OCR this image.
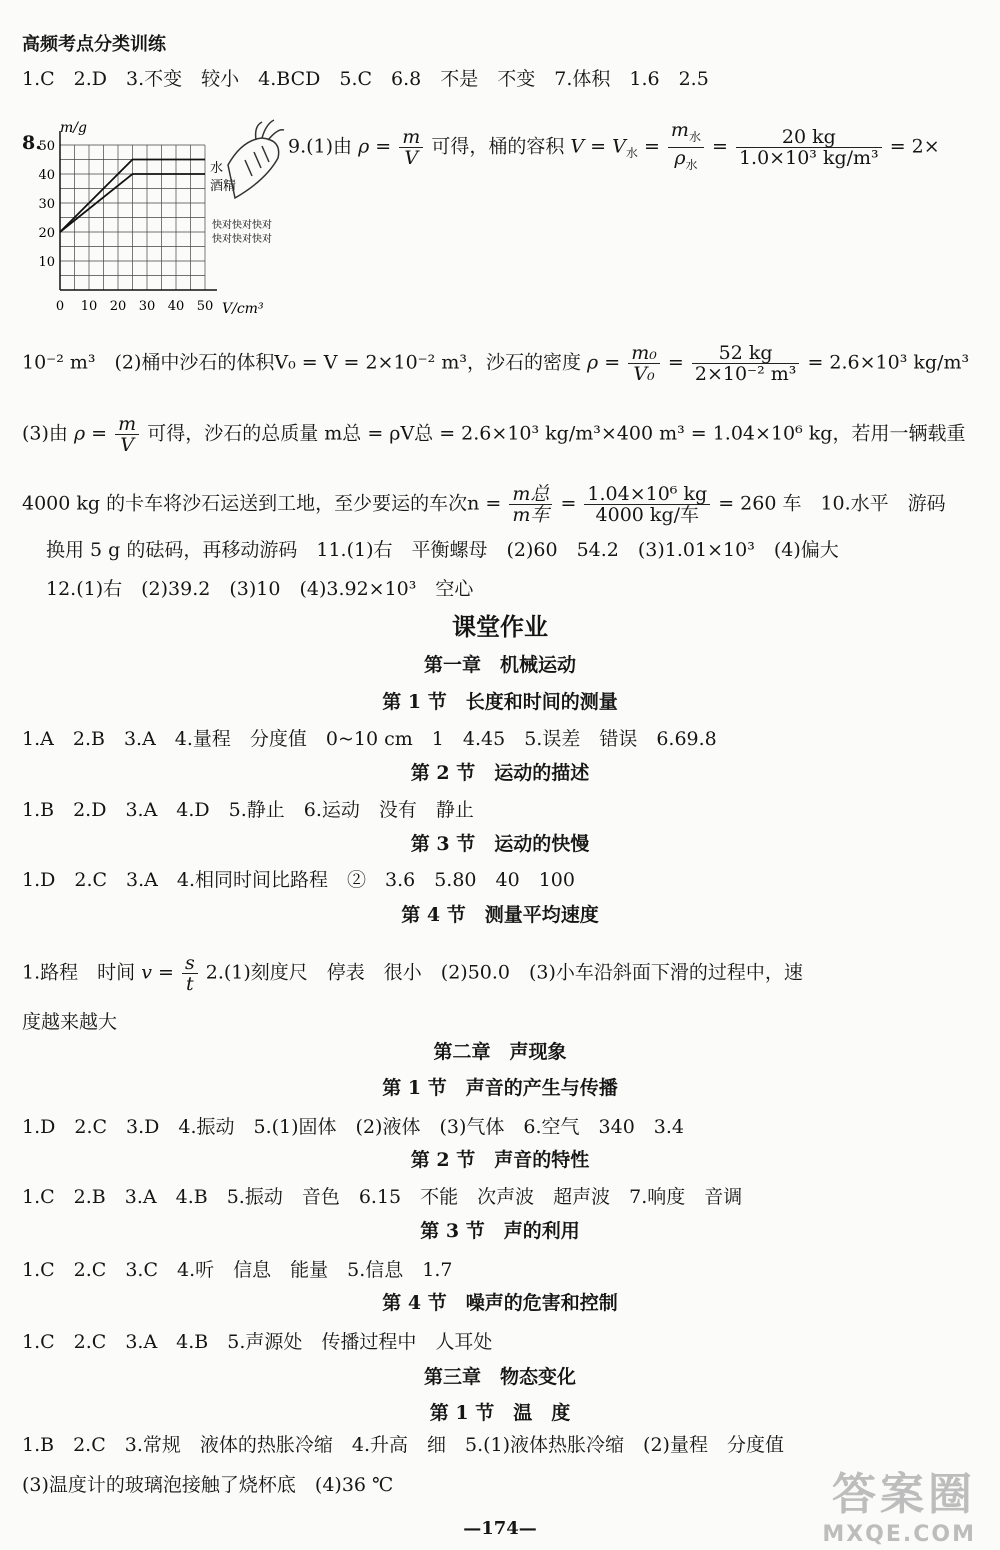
高频考点分类训练
1.C　2.D　3.不变　较小　4.BCD　5.C　6.8　不是　不变　7.体积　1.6　2.5
8.
0 10 20 30 40 50
10
20
30
40
50
m/g
V/cm³
水
酒精
快对快对快对
快对快对快对
9.(1)由 $\rho = \frac{m}{V}$ 可得，桶的容积 $V = V_水 = \frac{m_水}{\rho_水} = \frac{20 kg}{\text{1.0×10³ kg/m³}} = 2\times$
10⁻² m³　(2)桶中沙石的体积V₀ = V = 2×10⁻² m³，沙石的密度 $\rho = \frac{\text{m₀}}{\text{V₀}} = \frac{52 kg}{\text{2×10⁻² m³}} = 2.6\times 10^3$ kg/m³
(3)由 $\rho = \frac{m}{V}$ 可得，沙石的总质量 m总 = ρV总 = 2.6×10³ kg/m³×400 m³ = 1.04×10⁶ kg，若用一辆载重
4000 kg 的卡车将沙石运送到工地，至少要运的车次$n = \frac{\text{m总}}{\text{m车}} = \frac{\text{1.04×10⁶ kg}}{\text{4000 kg/车}} = 260$ 车　10.水平　游码
换用 5 g 的砝码，再移动游码　11.(1)右　平衡螺母　(2)60　54.2　(3)1.01×10³　(4)偏大
12.(1)右　(2)39.2　(3)10　(4)3.92×10³　空心
课堂作业
第一章　机械运动
第 1 节　长度和时间的测量
1.A　2.B　3.A　4.量程　分度值　0~10 cm　1　4.45　5.误差　错误　6.69.8
第 2 节　运动的描述
1.B　2.D　3.A　4.D　5.静止　6.运动　没有　静止
第 3 节　运动的快慢
1.D　2.C　3.A　4.相同时间比路程　②　3.6　5.80　40　100
第 4 节　测量平均速度
1.路程　时间 $v = \frac{s}{t} 2.(1)$刻度尺　停表　很小　(2)50.0　(3)小车沿斜面下滑的过程中，速
度越来越大
第二章　声现象
第 1 节　声音的产生与传播
1.D　2.C　3.D　4.振动　5.(1)固体　(2)液体　(3)气体　6.空气　340　3.4
第 2 节　声音的特性
1.C　2.B　3.A　4.B　5.振动　音色　6.15　不能　次声波　超声波　7.响度　音调
第 3 节　声的利用
1.C　2.C　3.C　4.听　信息　能量　5.信息　1.7
第 4 节　噪声的危害和控制
1.C　2.C　3.A　4.B　5.声源处　传播过程中　人耳处
第三章　物态变化
第 1 节　温　度
1.B　2.C　3.常规　液体的热胀冷缩　4.升高　细　5.(1)液体热胀冷缩　(2)量程　分度值
(3)温度计的玻璃泡接触了烧杯底　(4)36 ℃
—174—
答案圈
MXQE.COM
